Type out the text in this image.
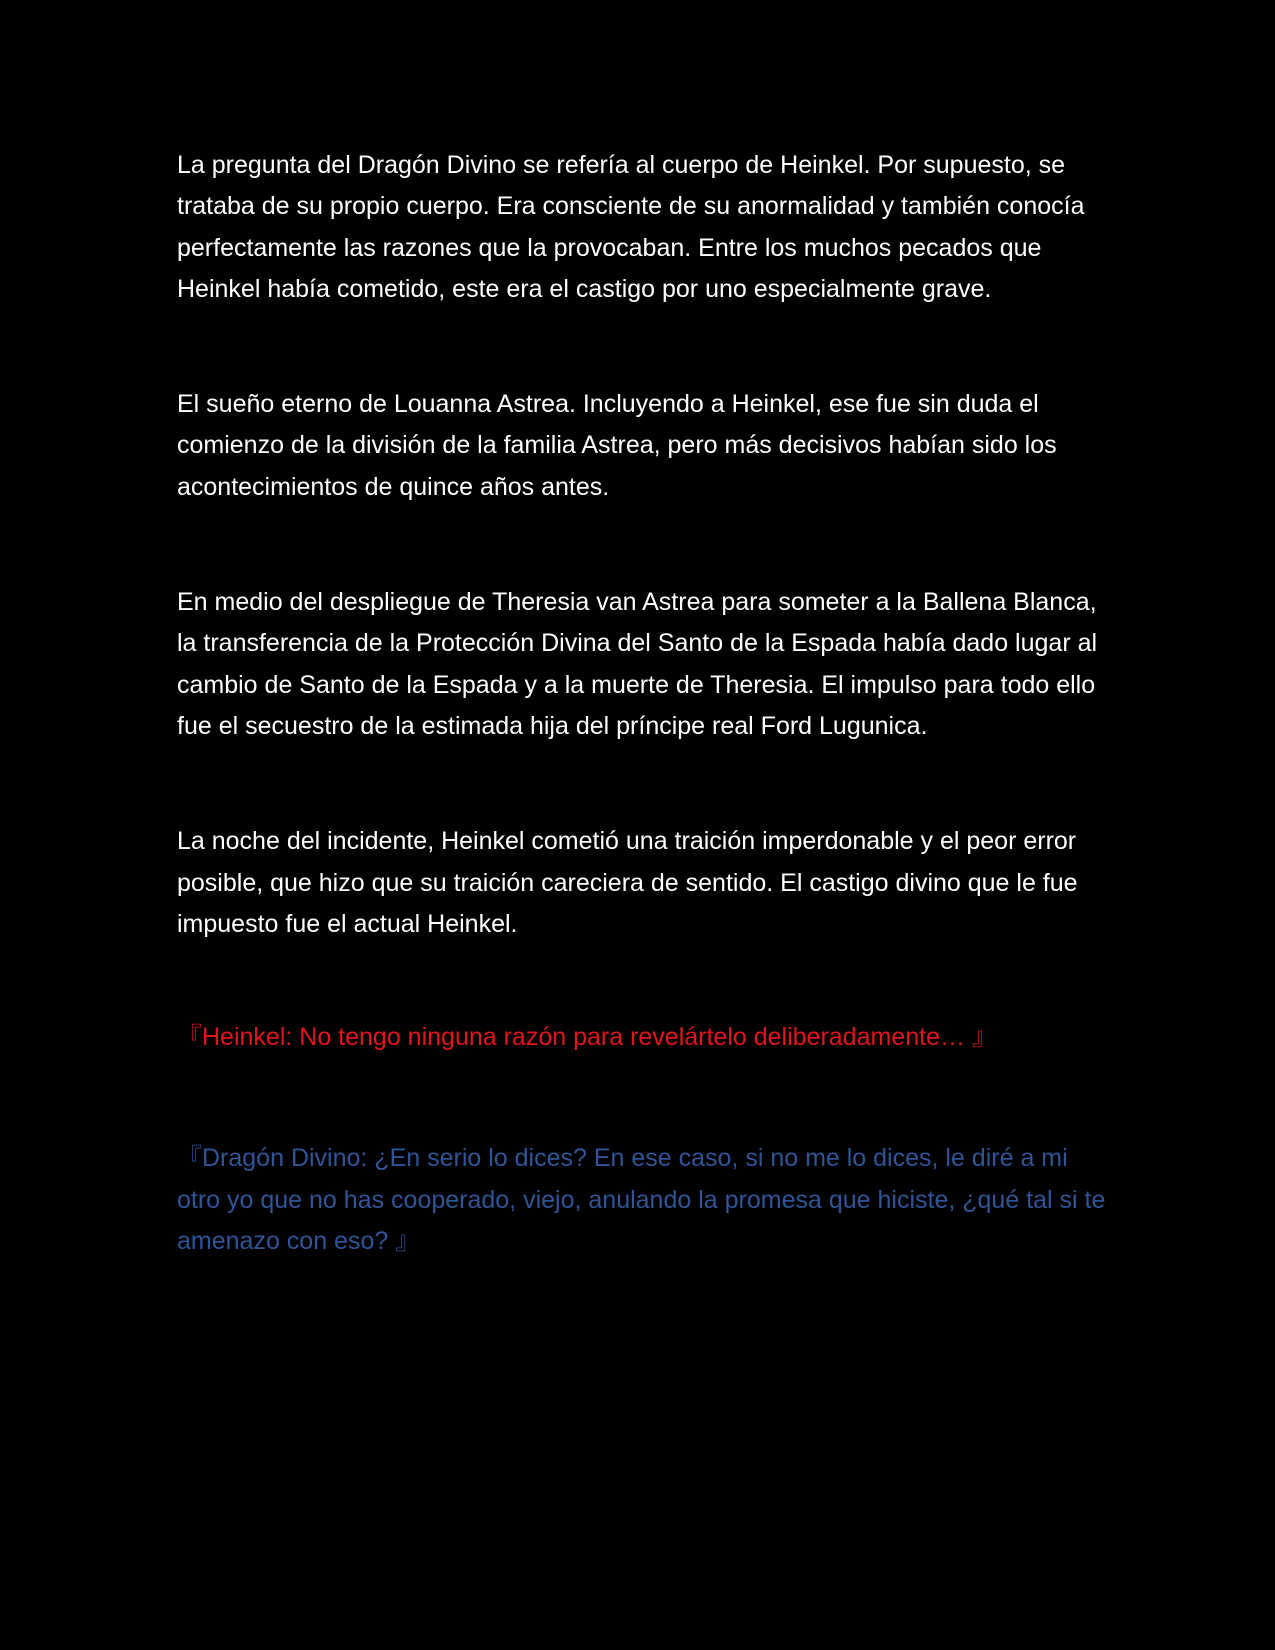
La pregunta del Dragón Divino se refería al cuerpo de Heinkel. Por supuesto, se trataba de su propio cuerpo. Era consciente de su anormalidad y también conocía perfectamente las razones que la provocaban. Entre los muchos pecados que Heinkel había cometido, este era el castigo por uno especialmente grave.

El sueño eterno de Louanna Astrea. Incluyendo a Heinkel, ese fue sin duda el comienzo de la división de la familia Astrea, pero más decisivos habían sido los acontecimientos de quince años antes.

En medio del despliegue de Theresia van Astrea para someter a la Ballena Blanca, la transferencia de la Protección Divina del Santo de la Espada había dado lugar al cambio de Santo de la Espada y a la muerte de Theresia. El impulso para todo ello fue el secuestro de la estimada hija del príncipe real Ford Lugunica.

La noche del incidente, Heinkel cometió una traición imperdonable y el peor error posible, que hizo que su traición careciera de sentido. El castigo divino que le fue impuesto fue el actual Heinkel.

『Heinkel: No tengo ninguna razón para revelártelo deliberadamente… 』

『Dragón Divino: ¿En serio lo dices? En ese caso, si no me lo dices, le diré a mi otro yo que no has cooperado, viejo, anulando la promesa que hiciste, ¿qué tal si te amenazo con eso? 』
